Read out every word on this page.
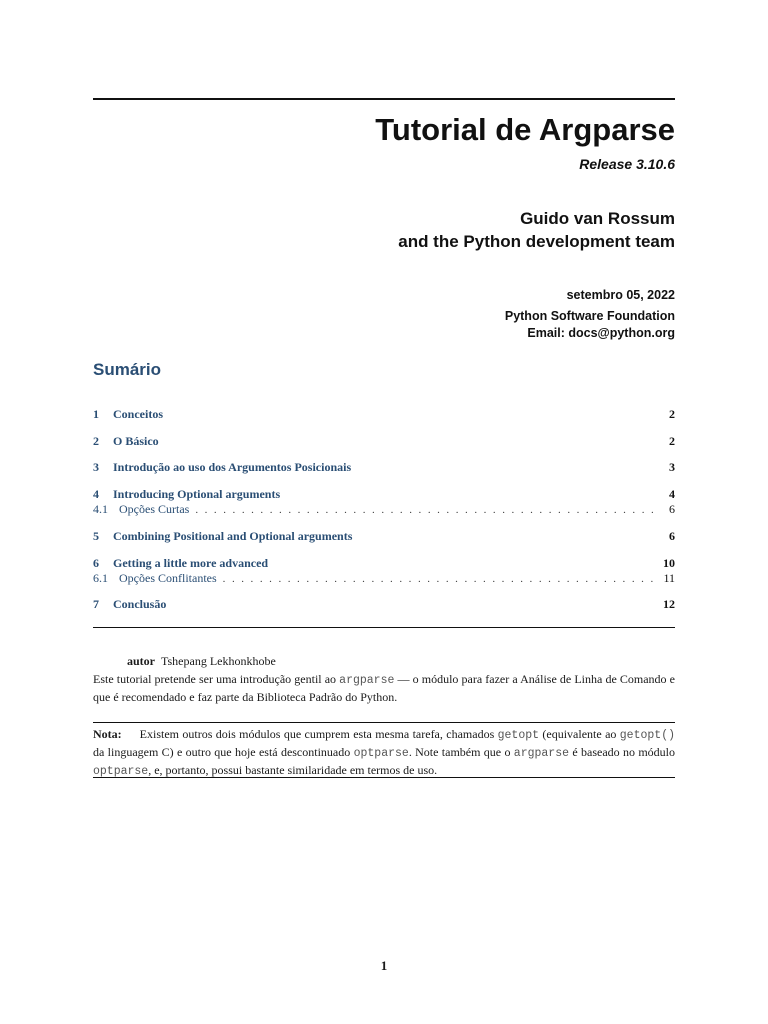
Tutorial de Argparse
Release 3.10.6
Guido van Rossum
and the Python development team
setembro 05, 2022
Python Software Foundation
Email: docs@python.org
Sumário
1	Conceitos	2
2	O Básico	2
3	Introdução ao uso dos Argumentos Posicionais	3
4	Introducing Optional arguments	4
4.1 Opções Curtas . . .	6
5	Combining Positional and Optional arguments	6
6	Getting a little more advanced	10
6.1 Opções Conflitantes . . .	11
7	Conclusão	12
autor Tshepang Lekhonkhobe
Este tutorial pretende ser uma introdução gentil ao argparse — o módulo para fazer a Análise de Linha de Comando e que é recomendado e faz parte da Biblioteca Padrão do Python.
Nota: Existem outros dois módulos que cumprem esta mesma tarefa, chamados getopt (equivalente ao getopt() da linguagem C) e outro que hoje está descontinuado optparse. Note também que o argparse é baseado no módulo optparse, e, portanto, possui bastante similaridade em termos de uso.
1
